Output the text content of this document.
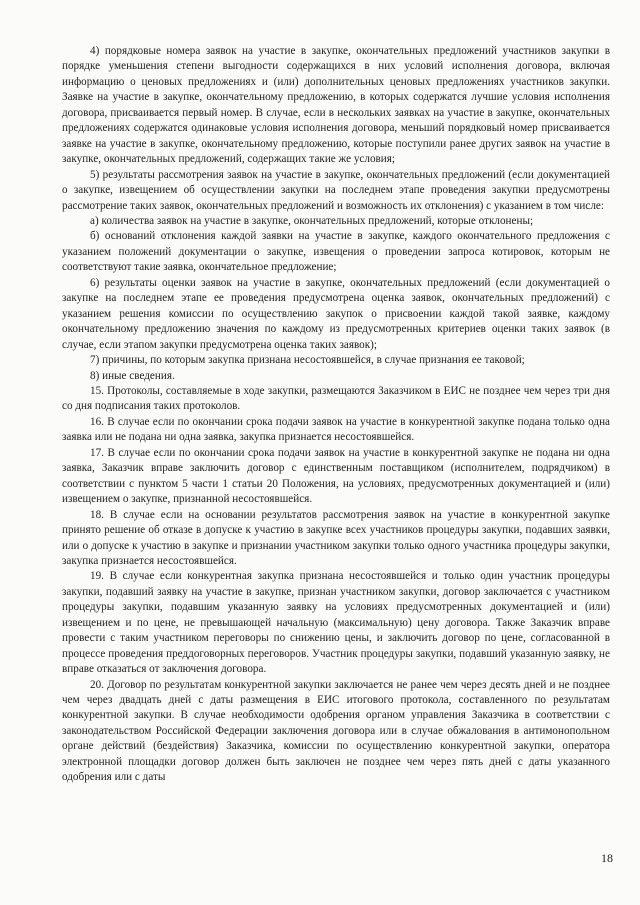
4) порядковые номера заявок на участие в закупке, окончательных предложений участников закупки в порядке уменьшения степени выгодности содержащихся в них условий исполнения договора, включая информацию о ценовых предложениях и (или) дополнительных ценовых предложениях участников закупки. Заявке на участие в закупке, окончательному предложению, в которых содержатся лучшие условия исполнения договора, присваивается первый номер. В случае, если в нескольких заявках на участие в закупке, окончательных предложениях содержатся одинаковые условия исполнения договора, меньший порядковый номер присваивается заявке на участие в закупке, окончательному предложению, которые поступили ранее других заявок на участие в закупке, окончательных предложений, содержащих такие же условия;

5) результаты рассмотрения заявок на участие в закупке, окончательных предложений (если документацией о закупке, извещением об осуществлении закупки на последнем этапе проведения закупки предусмотрены рассмотрение таких заявок, окончательных предложений и возможность их отклонения) с указанием в том числе:

а) количества заявок на участие в закупке, окончательных предложений, которые отклонены;

б) оснований отклонения каждой заявки на участие в закупке, каждого окончательного предложения с указанием положений документации о закупке, извещения о проведении запроса котировок, которым не соответствуют такие заявка, окончательное предложение;

6) результаты оценки заявок на участие в закупке, окончательных предложений (если документацией о закупке на последнем этапе ее проведения предусмотрена оценка заявок, окончательных предложений) с указанием решения комиссии по осуществлению закупок о присвоении каждой такой заявке, каждому окончательному предложению значения по каждому из предусмотренных критериев оценки таких заявок (в случае, если этапом закупки предусмотрена оценка таких заявок);

7) причины, по которым закупка признана несостоявшейся, в случае признания ее таковой;

8) иные сведения.

15. Протоколы, составляемые в ходе закупки, размещаются Заказчиком в ЕИС не позднее чем через три дня со дня подписания таких протоколов.

16. В случае если по окончании срока подачи заявок на участие в конкурентной закупке подана только одна заявка или не подана ни одна заявка, закупка признается несостоявшейся.

17. В случае если по окончании срока подачи заявок на участие в конкурентной закупке не подана ни одна заявка, Заказчик вправе заключить договор с единственным поставщиком (исполнителем, подрядчиком) в соответствии с пунктом 5 части 1 статьи 20 Положения, на условиях, предусмотренных документацией и (или) извещением о закупке, признанной несостоявшейся.

18. В случае если на основании результатов рассмотрения заявок на участие в конкурентной закупке принято решение об отказе в допуске к участию в закупке всех участников процедуры закупки, подавших заявки, или о допуске к участию в закупке и признании участником закупки только одного участника процедуры закупки, закупка признается несостоявшейся.

19. В случае если конкурентная закупка признана несостоявшейся и только один участник процедуры закупки, подавший заявку на участие в закупке, признан участником закупки, договор заключается с участником процедуры закупки, подавшим указанную заявку на условиях предусмотренных документацией и (или) извещением и по цене, не превышающей начальную (максимальную) цену договора. Также Заказчик вправе провести с таким участником переговоры по снижению цены, и заключить договор по цене, согласованной в процессе проведения преддоговорных переговоров. Участник процедуры закупки, подавший указанную заявку, не вправе отказаться от заключения договора.

20. Договор по результатам конкурентной закупки заключается не ранее чем через десять дней и не позднее чем через двадцать дней с даты размещения в ЕИС итогового протокола, составленного по результатам конкурентной закупки. В случае необходимости одобрения органом управления Заказчика в соответствии с законодательством Российской Федерации заключения договора или в случае обжалования в антимонопольном органе действий (бездействия) Заказчика, комиссии по осуществлению конкурентной закупки, оператора электронной площадки договор должен быть заключен не позднее чем через пять дней с даты указанного одобрения или с даты

18
